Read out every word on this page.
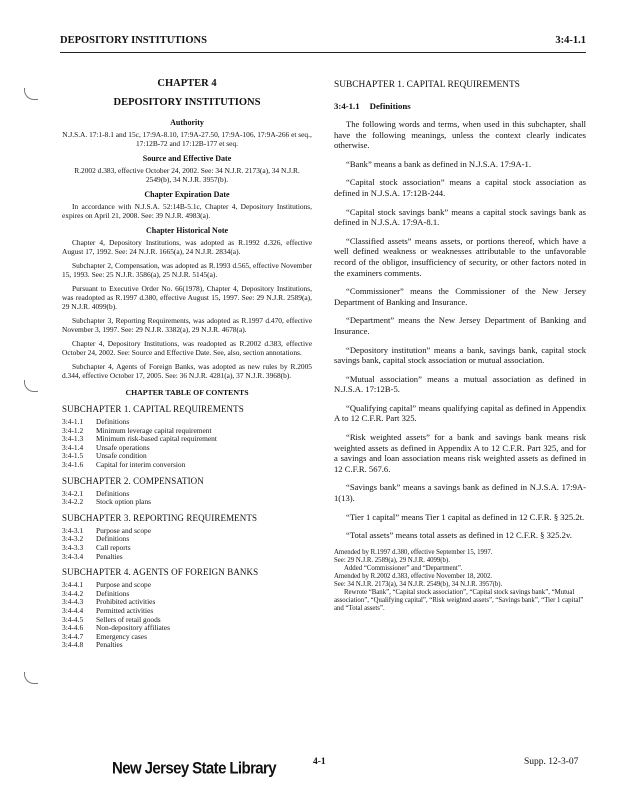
DEPOSITORY INSTITUTIONS	3:4-1.1
CHAPTER 4
DEPOSITORY INSTITUTIONS
Authority
N.J.S.A. 17:1-8.1 and 15c, 17:9A-8.10, 17:9A-27.50, 17:9A-106, 17:9A-266 et seq., 17:12B-72 and 17:12B-177 et seq.
Source and Effective Date
R.2002 d.383, effective October 24, 2002. See: 34 N.J.R. 2173(a), 34 N.J.R. 2549(b), 34 N.J.R. 3957(b).
Chapter Expiration Date
In accordance with N.J.S.A. 52:14B-5.1c, Chapter 4, Depository Institutions, expires on April 21, 2008. See: 39 N.J.R. 4983(a).
Chapter Historical Note
Chapter 4, Depository Institutions, was adopted as R.1992 d.326, effective August 17, 1992. See: 24 N.J.R. 1665(a), 24 N.J.R. 2834(a).
Subchapter 2, Compensation, was adopted as R.1993 d.565, effective November 15, 1993. See: 25 N.J.R. 3586(a), 25 N.J.R. 5145(a).
Pursuant to Executive Order No. 66(1978), Chapter 4, Depository Institutions, was readopted as R.1997 d.380, effective August 15, 1997. See: 29 N.J.R. 2589(a), 29 N.J.R. 4099(b).
Subchapter 3, Reporting Requirements, was adopted as R.1997 d.470, effective November 3, 1997. See: 29 N.J.R. 3382(a), 29 N.J.R. 4678(a).
Chapter 4, Depository Institutions, was readopted as R.2002 d.383, effective October 24, 2002. See: Source and Effective Date. See, also, section annotations.
Subchapter 4, Agents of Foreign Banks, was adopted as new rules by R.2005 d.344, effective October 17, 2005. See: 36 N.J.R. 4281(a), 37 N.J.R. 3968(b).
CHAPTER TABLE OF CONTENTS
SUBCHAPTER 1. CAPITAL REQUIREMENTS
3:4-1.1	Definitions
3:4-1.2	Minimum leverage capital requirement
3:4-1.3	Minimum risk-based capital requirement
3:4-1.4	Unsafe operations
3:4-1.5	Unsafe condition
3:4-1.6	Capital for interim conversion
SUBCHAPTER 2. COMPENSATION
3:4-2.1	Definitions
3:4-2.2	Stock option plans
SUBCHAPTER 3. REPORTING REQUIREMENTS
3:4-3.1	Purpose and scope
3:4-3.2	Definitions
3:4-3.3	Call reports
3:4-3.4	Penalties
SUBCHAPTER 4. AGENTS OF FOREIGN BANKS
3:4-4.1	Purpose and scope
3:4-4.2	Definitions
3:4-4.3	Prohibited activities
3:4-4.4	Permitted activities
3:4-4.5	Sellers of retail goods
3:4-4.6	Non-depository affiliates
3:4-4.7	Emergency cases
3:4-4.8	Penalties
SUBCHAPTER 1. CAPITAL REQUIREMENTS
3:4-1.1 Definitions

The following words and terms, when used in this subchapter, shall have the following meanings, unless the context clearly indicates otherwise.

“Bank” means a bank as defined in N.J.S.A. 17:9A-1.

“Capital stock association” means a capital stock association as defined in N.J.S.A. 17:12B-244.

“Capital stock savings bank” means a capital stock savings bank as defined in N.J.S.A. 17:9A-8.1.

“Classified assets” means assets, or portions thereof, which have a well defined weakness or weaknesses attributable to the unfavorable record of the obligor, insufficiency of security, or other factors noted in the examiners comments.

“Commissioner” means the Commissioner of the New Jersey Department of Banking and Insurance.

“Department” means the New Jersey Department of Banking and Insurance.

“Depository institution” means a bank, savings bank, capital stock savings bank, capital stock association or mutual association.

“Mutual association” means a mutual association as defined in N.J.S.A. 17:12B-5.

“Qualifying capital” means qualifying capital as defined in Appendix A to 12 C.F.R. Part 325.

“Risk weighted assets” for a bank and savings bank means risk weighted assets as defined in Appendix A to 12 C.F.R. Part 325, and for a savings and loan association means risk weighted assets as defined in 12 C.F.R. 567.6.

“Savings bank” means a savings bank as defined in N.J.S.A. 17:9A-1(13).

“Tier 1 capital” means Tier 1 capital as defined in 12 C.F.R. § 325.2t.

“Total assets” means total assets as defined in 12 C.F.R. § 325.2v.

Amended by R.1997 d.380, effective September 15, 1997.
See: 29 N.J.R. 2589(a), 29 N.J.R. 4099(b).
Added “Commissioner” and “Department”.
Amended by R.2002 d.383, effective November 18, 2002.
See: 34 N.J.R. 2173(a), 34 N.J.R. 2549(b), 34 N.J.R. 3957(b).
Rewrote “Bank”, “Capital stock association”, “Capital stock savings bank”, “Mutual association”, “Qualifying capital”, “Risk weighted assets”, “Savings bank”, “Tier 1 capital” and “Total assets”.
New Jersey State Library	4-1	Supp. 12-3-07
